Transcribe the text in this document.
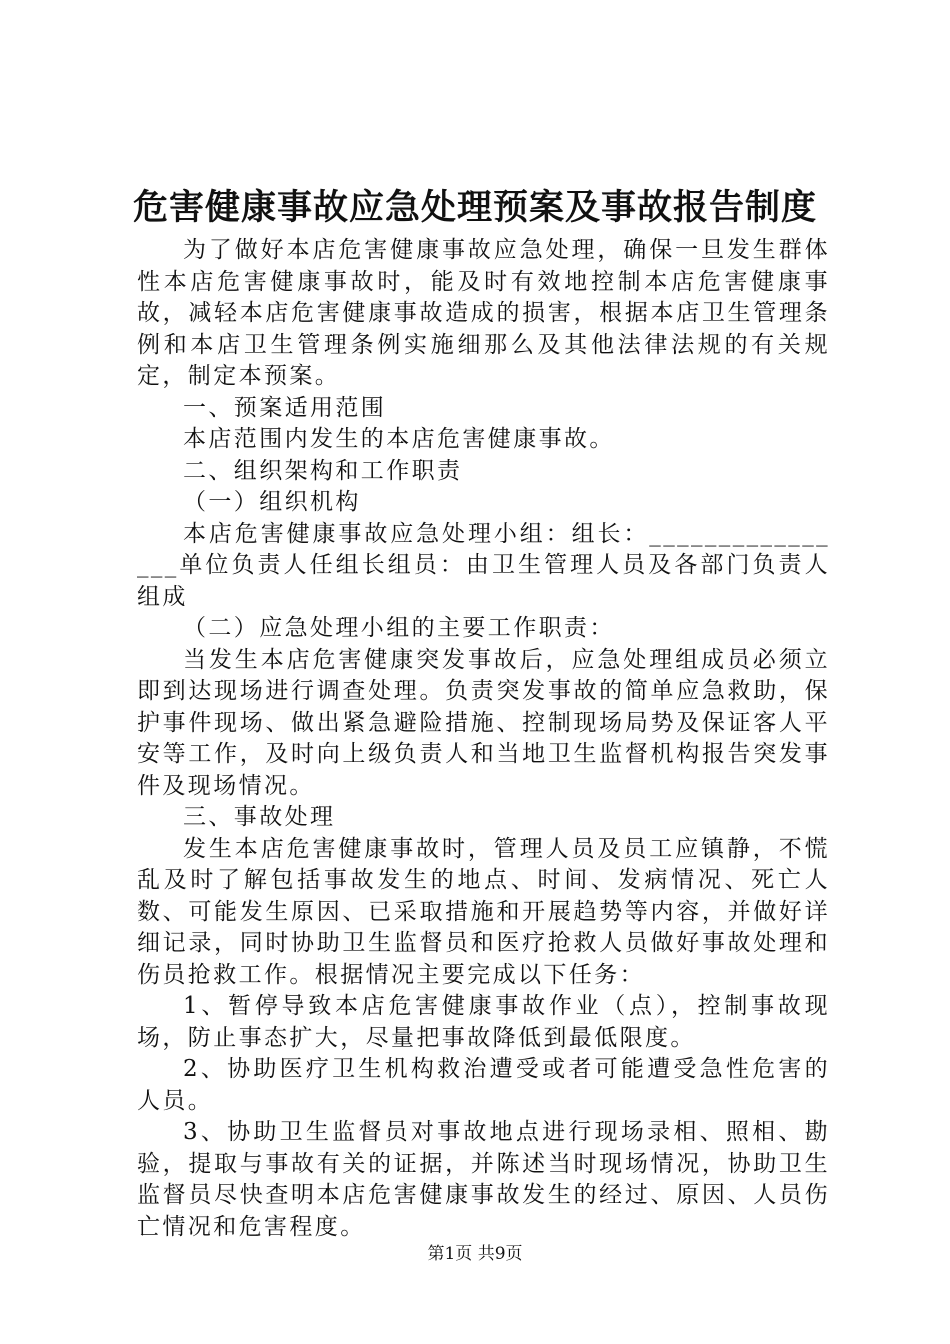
危害健康事故应急处理预案及事故报告制度

为了做好本店危害健康事故应急处理，确保一旦发生群体性本店危害健康事故时，能及时有效地控制本店危害健康事故，减轻本店危害健康事故造成的损害，根据本店卫生管理条例和本店卫生管理条例实施细那么及其他法律法规的有关规定，制定本预案。

一、预案适用范围

本店范围内发生的本店危害健康事故。

二、组织架构和工作职责

（一）组织机构

本店危害健康事故应急处理小组：组长：________________单位负责人任组长组员：由卫生管理人员及各部门负责人组成

（二）应急处理小组的主要工作职责：

当发生本店危害健康突发事故后，应急处理组成员必须立即到达现场进行调查处理。负责突发事故的简单应急救助，保护事件现场、做出紧急避险措施、控制现场局势及保证客人平安等工作，及时向上级负责人和当地卫生监督机构报告突发事件及现场情况。

三、事故处理

发生本店危害健康事故时，管理人员及员工应镇静，不慌乱及时了解包括事故发生的地点、时间、发病情况、死亡人数、可能发生原因、已采取措施和开展趋势等内容，并做好详细记录，同时协助卫生监督员和医疗抢救人员做好事故处理和伤员抢救工作。根据情况主要完成以下任务：

1、暂停导致本店危害健康事故作业（点），控制事故现场，防止事态扩大，尽量把事故降低到最低限度。

2、协助医疗卫生机构救治遭受或者可能遭受急性危害的人员。

3、协助卫生监督员对事故地点进行现场录相、照相、勘验，提取与事故有关的证据，并陈述当时现场情况，协助卫生监督员尽快查明本店危害健康事故发生的经过、原因、人员伤亡情况和危害程度。

第1页 共9页
